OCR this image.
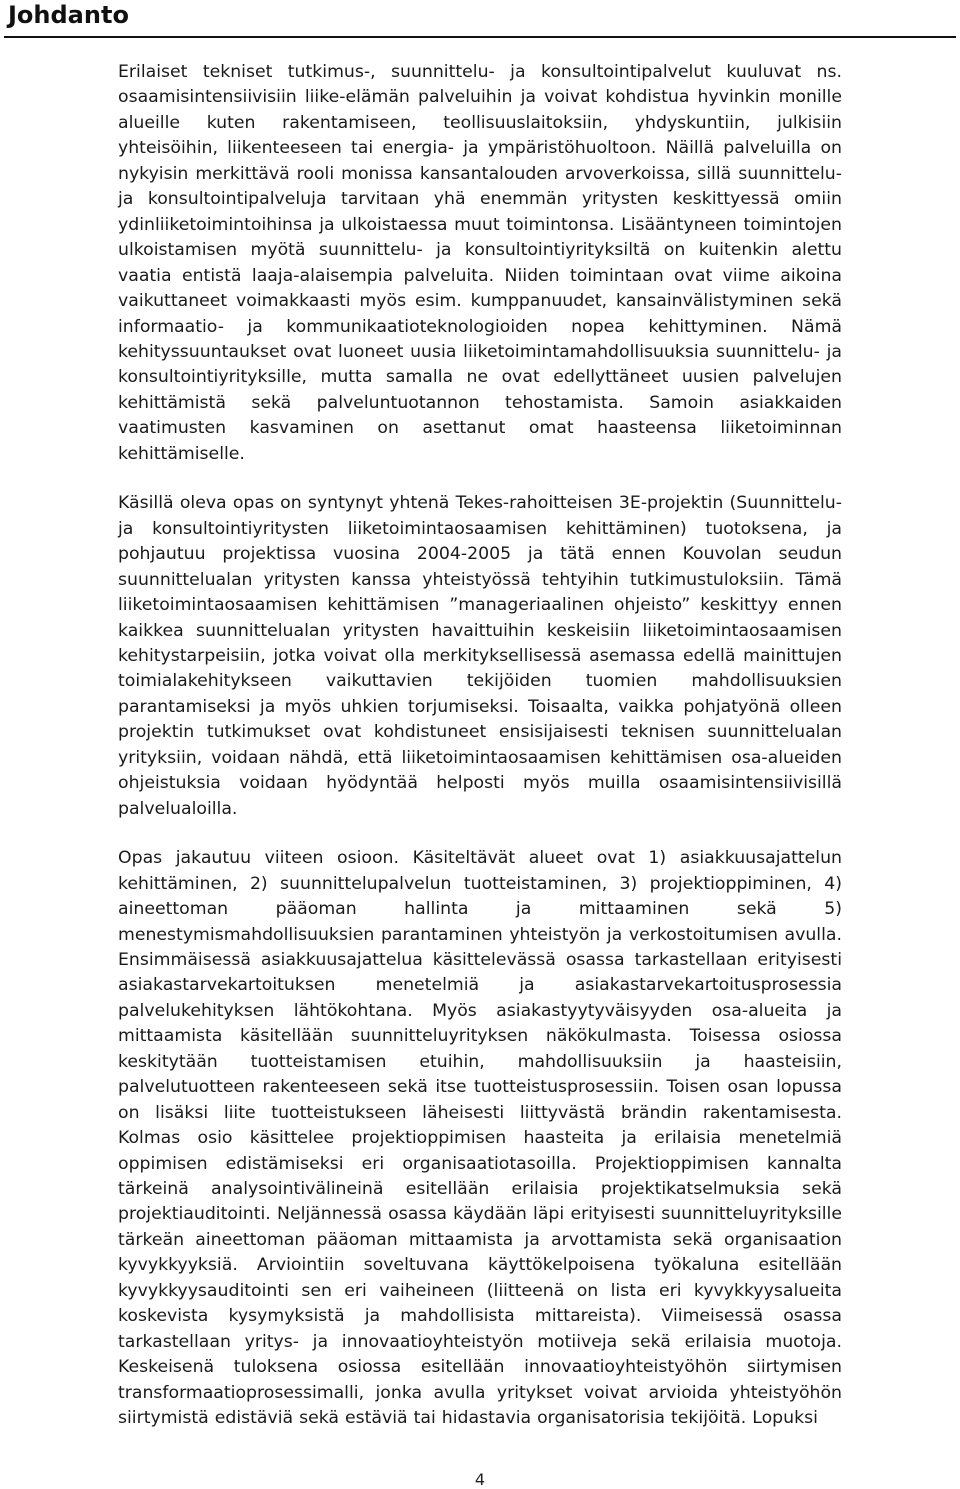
Johdanto

Erilaiset tekniset tutkimus-, suunnittelu- ja konsultointipalvelut kuuluvat ns. osaamisintensiivisiin liike-elämän palveluihin ja voivat kohdistua hyvinkin monille alueille kuten rakentamiseen, teollisuuslaitoksiin, yhdyskuntiin, julkisiin yhteisöihin, liikenteeseen tai energia- ja ympäristöhuoltoon. Näillä palveluilla on nykyisin merkittävä rooli monissa kansantalouden arvoverkoissa, sillä suunnittelu- ja konsultointipalveluja tarvitaan yhä enemmän yritysten keskittyessä omiin ydinliiketoimintoihinsa ja ulkoistaessa muut toimintonsa. Lisääntyneen toimintojen ulkoistamisen myötä suunnittelu- ja konsultointiyrityksiltä on kuitenkin alettu vaatia entistä laaja-alaisempia palveluita. Niiden toimintaan ovat viime aikoina vaikuttaneet voimakkaasti myös esim. kumppanuudet, kansainvälistyminen sekä informaatio- ja kommunikaatioteknologioiden nopea kehittyminen. Nämä kehityssuuntaukset ovat luoneet uusia liiketoimintamahdollisuuksia suunnittelu- ja konsultointiyrityksille, mutta samalla ne ovat edellyttäneet uusien palvelujen kehittämistä sekä palveluntuotannon tehostamista. Samoin asiakkaiden vaatimusten kasvaminen on asettanut omat haasteensa liiketoiminnan kehittämiselle.

Käsillä oleva opas on syntynyt yhtenä Tekes-rahoitteisen 3E-projektin (Suunnittelu- ja konsultointiyritysten liiketoimintaosaamisen kehittäminen) tuotoksena, ja pohjautuu projektissa vuosina 2004-2005 ja tätä ennen Kouvolan seudun suunnittelualan yritysten kanssa yhteistyössä tehtyihin tutkimustuloksiin. Tämä liiketoimintaosaamisen kehittämisen ”manageriaalinen ohjeisto” keskittyy ennen kaikkea suunnittelualan yritysten havaittuihin keskeisiin liiketoimintaosaamisen kehitystarpeisiin, jotka voivat olla merkityksellisessä asemassa edellä mainittujen toimialakehitykseen vaikuttavien tekijöiden tuomien mahdollisuuksien parantamiseksi ja myös uhkien torjumiseksi. Toisaalta, vaikka pohjatyönä olleen projektin tutkimukset ovat kohdistuneet ensisijaisesti teknisen suunnittelualan yrityksiin, voidaan nähdä, että liiketoimintaosaamisen kehittämisen osa-alueiden ohjeistuksia voidaan hyödyntää helposti myös muilla osaamisintensiivisillä palvelualoilla.

Opas jakautuu viiteen osioon. Käsiteltävät alueet ovat 1) asiakkuusajattelun kehittäminen, 2) suunnittelupalvelun tuotteistaminen, 3) projektioppiminen, 4) aineettoman pääoman hallinta ja mittaaminen sekä 5) menestymismahdollisuuksien parantaminen yhteistyön ja verkostoitumisen avulla. Ensimmäisessä asiakkuusajattelua käsittelevässä osassa tarkastellaan erityisesti asiakastarvekartoituksen menetelmiä ja asiakastarvekartoitusprosessia palvelukehityksen lähtökohtana. Myös asiakastyytyväisyyden osa-alueita ja mittaamista käsitellään suunnitteluyrityksen näkökulmasta. Toisessa osiossa keskitytään tuotteistamisen etuihin, mahdollisuuksiin ja haasteisiin, palvelutuotteen rakenteeseen sekä itse tuotteistusprosessiin. Toisen osan lopussa on lisäksi liite tuotteistukseen läheisesti liittyvästä brändin rakentamisesta. Kolmas osio käsittelee projektioppimisen haasteita ja erilaisia menetelmiä oppimisen edistämiseksi eri organisaatiotasoilla. Projektioppimisen kannalta tärkeinä analysointivälineinä esitellään erilaisia projektikatselmuksia sekä projektiauditointi. Neljännessä osassa käydään läpi erityisesti suunnitteluyrityksille tärkeän aineettoman pääoman mittaamista ja arvottamista sekä organisaation kyvykkyyksiä. Arviointiin soveltuvana käyttökelpoisena työkaluna esitellään kyvykkyysauditointi sen eri vaiheineen (liitteenä on lista eri kyvykkyysalueita koskevista kysymyksistä ja mahdollisista mittareista). Viimeisessä osassa tarkastellaan yritys- ja innovaatioyhteistyön motiiveja sekä erilaisia muotoja. Keskeisenä tuloksena osiossa esitellään innovaatioyhteistyöhön siirtymisen transformaatioprosessimalli, jonka avulla yritykset voivat arvioida yhteistyöhön siirtymistä edistäviä sekä estäviä tai hidastavia organisatorisia tekijöitä. Lopuksi

4
